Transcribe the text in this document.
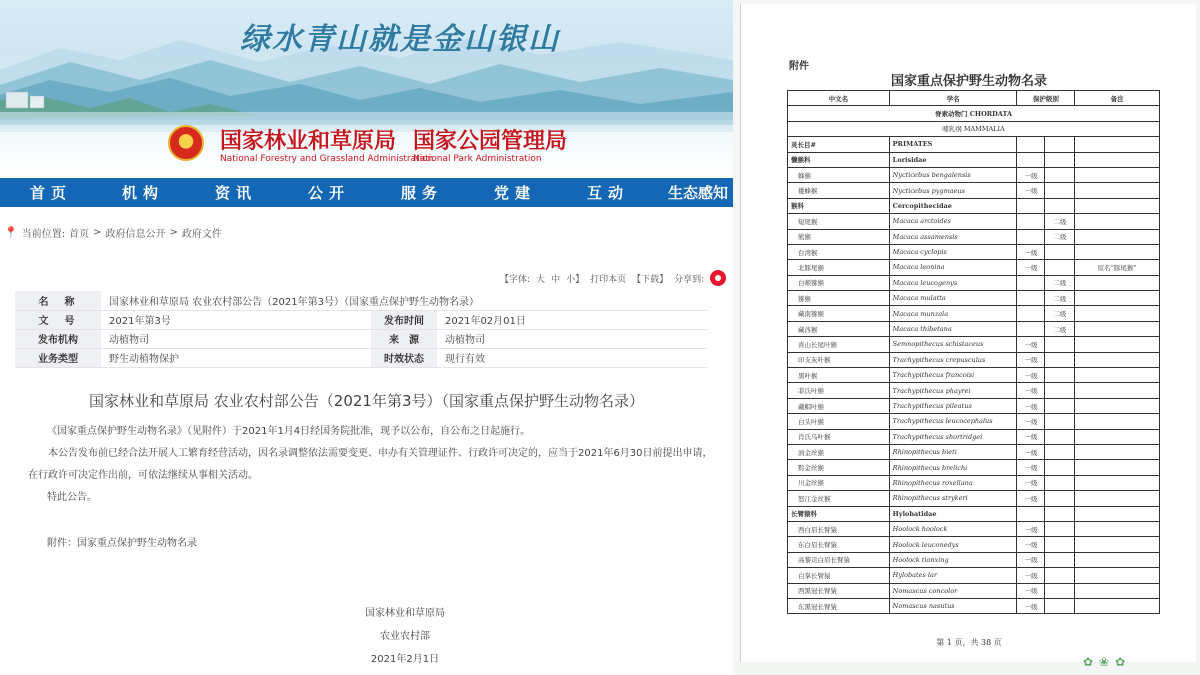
绿水青山就是金山银山
★
国家林业和草原局 国家公园管理局
National Forestry and Grassland Administration
National Park Administration
首页	机构	资讯	公开	服务	党建	互动	生态感知
📍 当前位置: 首页 > 政府信息公开 > 政府文件
【字体: 大 中 小】 打印本页 【下载】 分享到:
名　称	国家林业和草原局 农业农村部公告（2021年第3号）（国家重点保护野生动物名录）		
文　号	2021年第3号	发布时间	2021年02月01日
发布机构	动植物司	来　源	动植物司
业务类型	野生动植物保护	时效状态	现行有效
国家林业和草原局 农业农村部公告（2021年第3号）（国家重点保护野生动物名录）
《国家重点保护野生动物名录》（见附件）于2021年1月4日经国务院批准，现予以公布，自公布之日起施行。
本公告发布前已经合法开展人工繁育经营活动，因名录调整依法需要变更、申办有关管理证件、行政许可决定的，应当于2021年6月30日前提出申请，在行政许可决定作出前，可依法继续从事相关活动。
特此公告。
附件：国家重点保护野生动物名录
国家林业和草原局
农业农村部
2021年2月1日
附件
国家重点保护野生动物名录
中文名	学名	保护级别		备注
脊索动物门 CHORDATA				
哺乳纲 MAMMALIA				
灵长目#	PRIMATES			
懒猴科	Lorisidae			
蜂猴	Nycticebus bengalensis	一级		
倭蜂猴	Nycticebus pygmaeus	一级		
猴科	Cercopithecidae			
短尾猴	Macaca arctoides		二级	
熊猴	Macaca assamensis		二级	
台湾猴	Macaca cyclopis	一级		
北豚尾猴	Macaca leonina	一级		原名“豚尾猴”
白颊猕猴	Macaca leucogenys		二级	
猕猴	Macaca mulatta		二级	
藏南猕猴	Macaca munzala		二级	
藏酋猴	Macaca thibetana		二级	
喜山长尾叶猴	Semnopithecus schistaceus	一级		
印支灰叶猴	Trachypithecus crepusculus	一级		
黑叶猴	Trachypithecus francoisi	一级		
菲氏叶猴	Trachypithecus phayrei	一级		
戴帽叶猴	Trachypithecus pileatus	一级		
白头叶猴	Trachypithecus leucocephalus	一级		
肖氏乌叶猴	Trachypithecus shortridgei	一级		
滇金丝猴	Rhinopithecus bieti	一级		
黔金丝猴	Rhinopithecus brelichi	一级		
川金丝猴	Rhinopithecus roxellana	一级		
怒江金丝猴	Rhinopithecus strykeri	一级		
长臂猿科	Hylobatidae			
西白眉长臂猿	Hoolock hoolock	一级		
东白眉长臂猿	Hoolock leuconedys	一级		
高黎贡白眉长臂猿	Hoolock tianxing	一级		
白掌长臂猿	Hylobates lar	一级		
西黑冠长臂猿	Nomascus concolor	一级		
东黑冠长臂猿	Nomascus nasutus	一级		
第 1 页，共 38 页
✿❀✿
